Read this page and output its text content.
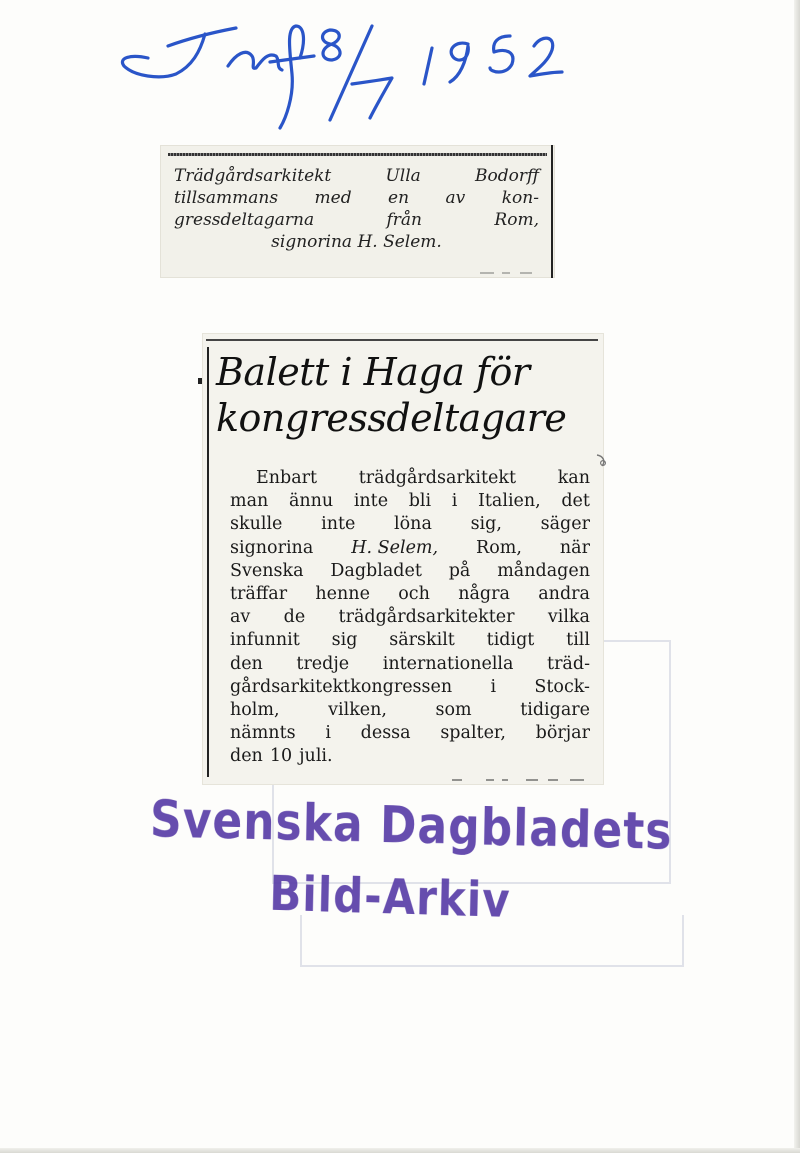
Trädgårdsarkitekt	Ulla	Bodorff
tillsammans med en av kon-
gressdeltagarna	från	Rom,
signorina H. Selem.
Balett i Haga för
kongressdeltagare
Enbart trädgårdsarkitekt kan
man ännu inte bli i Italien, det
skulle inte löna sig, säger
signorina H. Selem, Rom, när
Svenska Dagbladet på måndagen
träffar henne och några andra
av de trädgårdsarkitekter vilka
infunnit sig särskilt tidigt till
den tredje internationella träd-
gårdsarkitektkongressen i Stock-
holm,	vilken,	som	tidigare
nämnts i dessa spalter, börjar
den 10 juli.
Svenska Dagbladets
Bild-Arkiv
